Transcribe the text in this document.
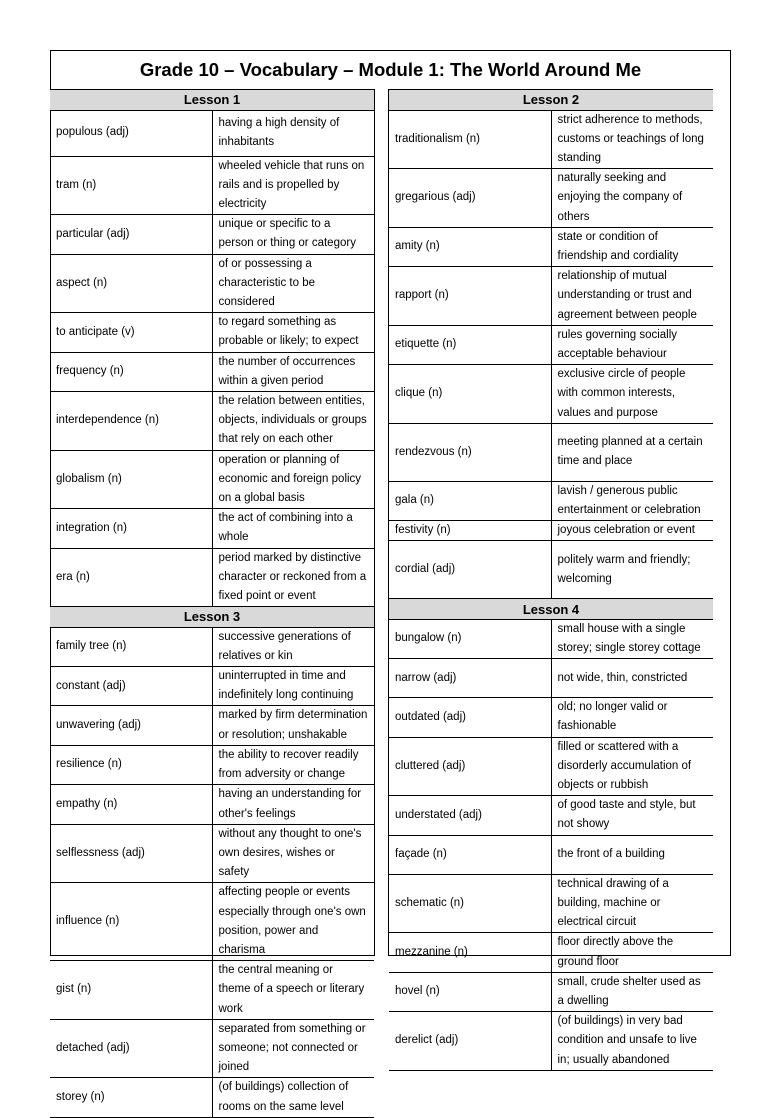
Grade 10 – Vocabulary – Module 1: The World Around Me
Lesson 1	
populous (adj)	having a high density of inhabitants
tram (n)	wheeled vehicle that runs on rails and is propelled by electricity
particular (adj)	unique or specific to a person or thing or category
aspect (n)	of or possessing a characteristic to be considered
to anticipate (v)	to regard something as probable or likely; to expect
frequency (n)	the number of occurrences within a given period
interdependence (n)	the relation between entities, objects, individuals or groups that rely on each other
globalism (n)	operation or planning of economic and foreign policy on a global basis
integration (n)	the act of combining into a whole
era (n)	period marked by distinctive character or reckoned from a fixed point or event
Lesson 3	
family tree (n)	successive generations of relatives or kin
constant (adj)	uninterrupted in time and indefinitely long continuing
unwavering (adj)	marked by firm determination or resolution; unshakable
resilience (n)	the ability to recover readily from adversity or change
empathy (n)	having an understanding for other's feelings
selflessness (adj)	without any thought to one's own desires, wishes or safety
influence (n)	affecting people or events especially through one's own position, power and charisma
gist (n)	the central meaning or theme of a speech or literary work
detached (adj)	separated from something or someone; not connected or joined
storey (n)	(of buildings) collection of rooms on the same level
Lesson 2	
traditionalism (n)	strict adherence to methods, customs or teachings of long standing
gregarious (adj)	naturally seeking and enjoying the company of others
amity (n)	state or condition of friendship and cordiality
rapport (n)	relationship of mutual understanding or trust and agreement between people
etiquette (n)	rules governing socially acceptable behaviour
clique (n)	exclusive circle of people with common interests, values and purpose
rendezvous (n)	meeting planned at a certain time and place
gala (n)	lavish / generous public entertainment or celebration
festivity (n)	joyous celebration or event
cordial (adj)	politely warm and friendly; welcoming
Lesson 4	
bungalow (n)	small house with a single storey; single storey cottage
narrow (adj)	not wide, thin, constricted
outdated (adj)	old; no longer valid or fashionable
cluttered (adj)	filled or scattered with a disorderly accumulation of objects or rubbish
understated (adj)	of good taste and style, but not showy
façade (n)	the front of a building
schematic (n)	technical drawing of a building, machine or electrical circuit
mezzanine (n)	floor directly above the ground floor
hovel (n)	small, crude shelter used as a dwelling
derelict (adj)	(of buildings) in very bad condition and unsafe to live in; usually abandoned
